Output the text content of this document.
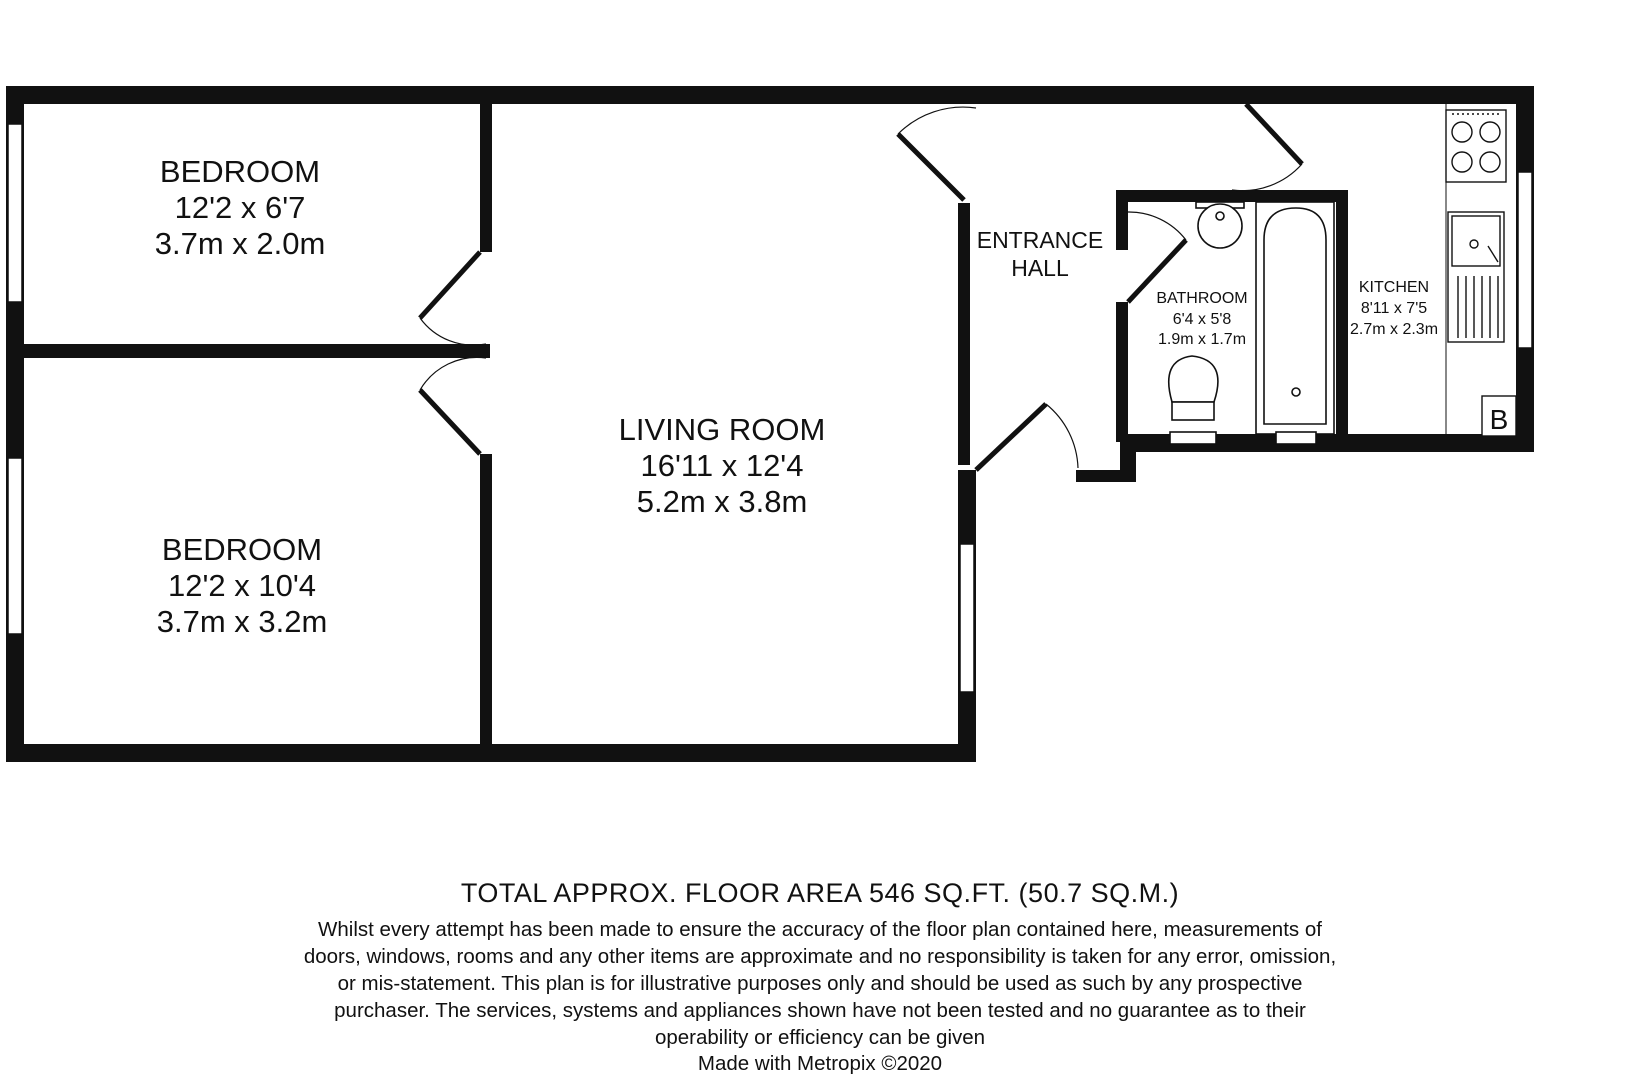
B
BEDROOM
12'2 x 6'7
3.7m x 2.0m
BEDROOM
12'2 x 10'4
3.7m x 3.2m
LIVING ROOM
16'11 x 12'4
5.2m x 3.8m
ENTRANCE
HALL
BATHROOM
6'4 x 5'8
1.9m x 1.7m
KITCHEN
8'11 x 7'5
2.7m x 2.3m
TOTAL APPROX. FLOOR AREA 546 SQ.FT. (50.7 SQ.M.)
Whilst every attempt has been made to ensure the accuracy of the floor plan contained here, measurements of doors, windows, rooms and any other items are approximate and no responsibility is taken for any error, omission, or mis-statement. This plan is for illustrative purposes only and should be used as such by any prospective purchaser. The services, systems and appliances shown have not been tested and no guarantee as to their operability or efficiency can be given
Made with Metropix ©2020
